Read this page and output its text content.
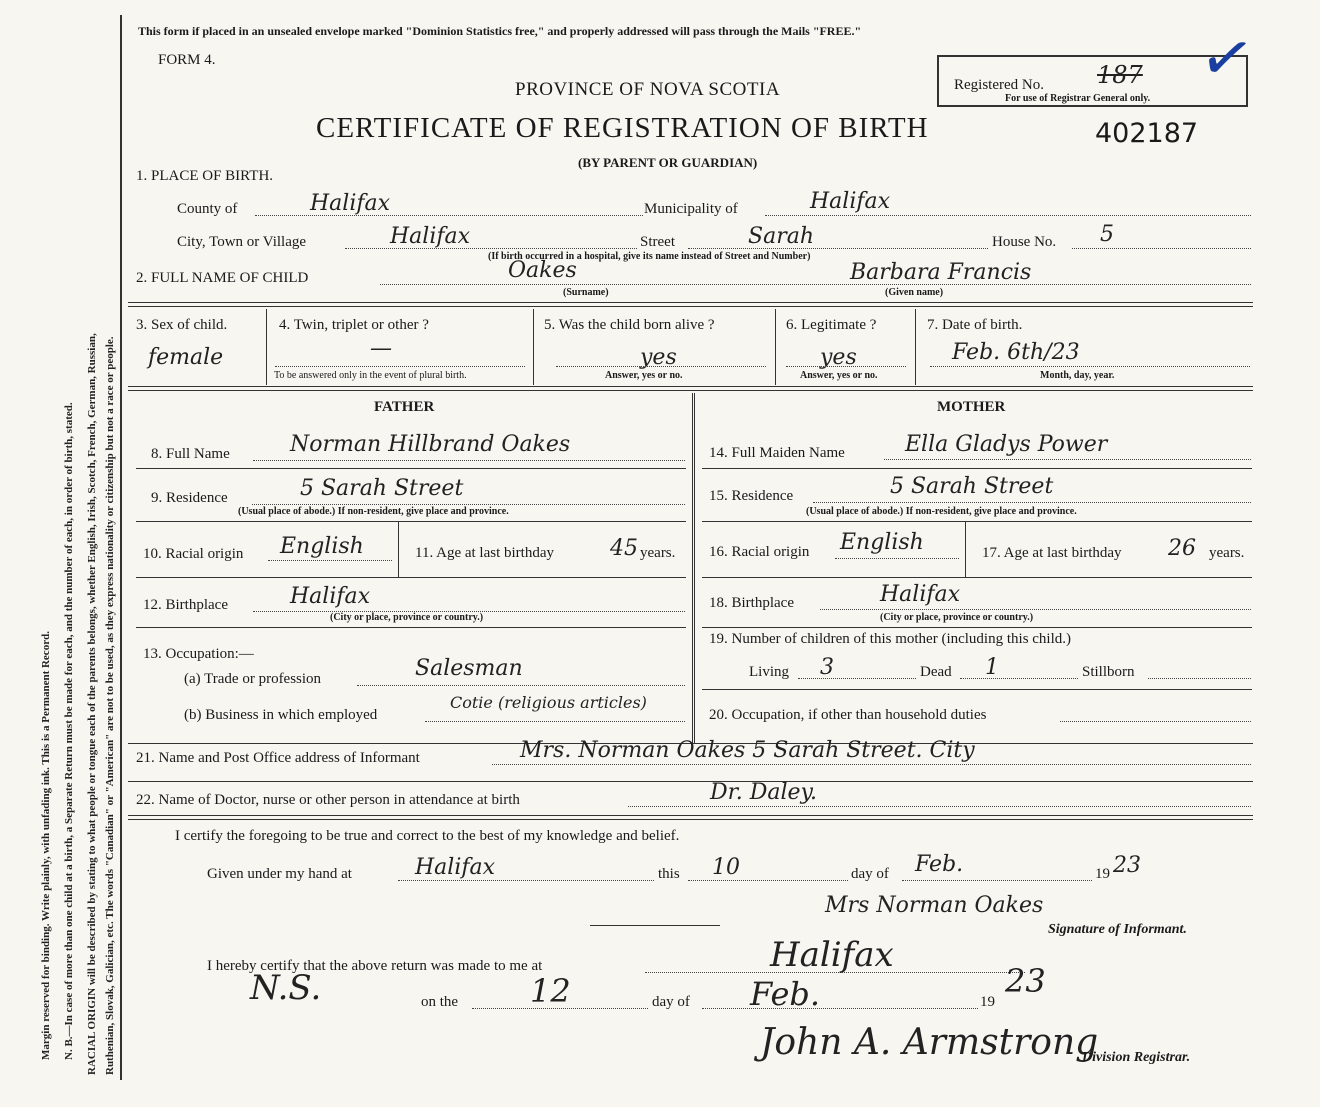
Margin reserved for binding. Write plainly, with unfading ink. This is a Permanent Record. N. B.—In case of more than one child at a birth, a Separate Return must be made for each, and the number of each, in order of birth, stated. RACIAL ORIGIN will be described by stating to what people or tongue each of the parents belongs, whether English, Irish, Scotch, French, German, Russian, Ruthenian, Slovak, Galician, etc. The words "Canadian" or "American" are not to be used, as they express nationality or citizenship but not a race or people.
This form if placed in an unsealed envelope marked "Dominion Statistics free," and properly addressed will pass through the Mails "FREE."
FORM 4.
PROVINCE OF NOVA SCOTIA
CERTIFICATE OF REGISTRATION OF BIRTH	402187
(BY PARENT OR GUARDIAN)
Registered No. 187
For use of Registrar General only.
✓
1. PLACE OF BIRTH.
County of	Halifax	Municipality of	Halifax
City, Town or Village	Halifax	Street	Sarah	House No. 5
(If birth occurred in a hospital, give its name instead of Street and Number)
2. FULL NAME OF CHILD	Oakes	Barbara Francis
(Surname)	(Given name)
3. Sex of child.
female
4. Twin, triplet or other ?
—
To be answered only in the event of plural birth.
5. Was the child born alive ?
yes
Answer, yes or no.
6. Legitimate ?
yes
Answer, yes or no.
7. Date of birth.
Feb. 6th/23
Month, day, year.
FATHER	MOTHER
8. Full Name	Norman Hillbrand Oakes
9. Residence	5 Sarah Street
(Usual place of abode.) If non-resident, give place and province.
10. Racial origin English	11. Age at last birthday	45 years.
12. Birthplace	Halifax
(City or place, province or country.)
13. Occupation:—
(a) Trade or profession	Salesman
(b) Business in which employed
Cotie (religious articles)
14. Full Maiden Name	Ella Gladys Power
15. Residence	5 Sarah Street
(Usual place of abode.) If non-resident, give place and province.
16. Racial origin English	17. Age at last birthday 26 years.
18. Birthplace	Halifax
(City or place, province or country.)
19. Number of children of this mother (including this child.)
Living 3	Dead 1	Stillborn
20. Occupation, if other than household duties
21. Name and Post Office address of Informant	Mrs. Norman Oakes 5 Sarah Street. City
22. Name of Doctor, nurse or other person in attendance at birth	Dr. Daley.
I certify the foregoing to be true and correct to the best of my knowledge and belief.
Given under my hand at	Halifax	this 10	day of Feb.	19 23
Mrs Norman Oakes
Signature of Informant.
I hereby certify that the above return was made to me at	Halifax
N.S.	on the 12	day of Feb.	19
23
John A. Armstrong
Division Registrar.
